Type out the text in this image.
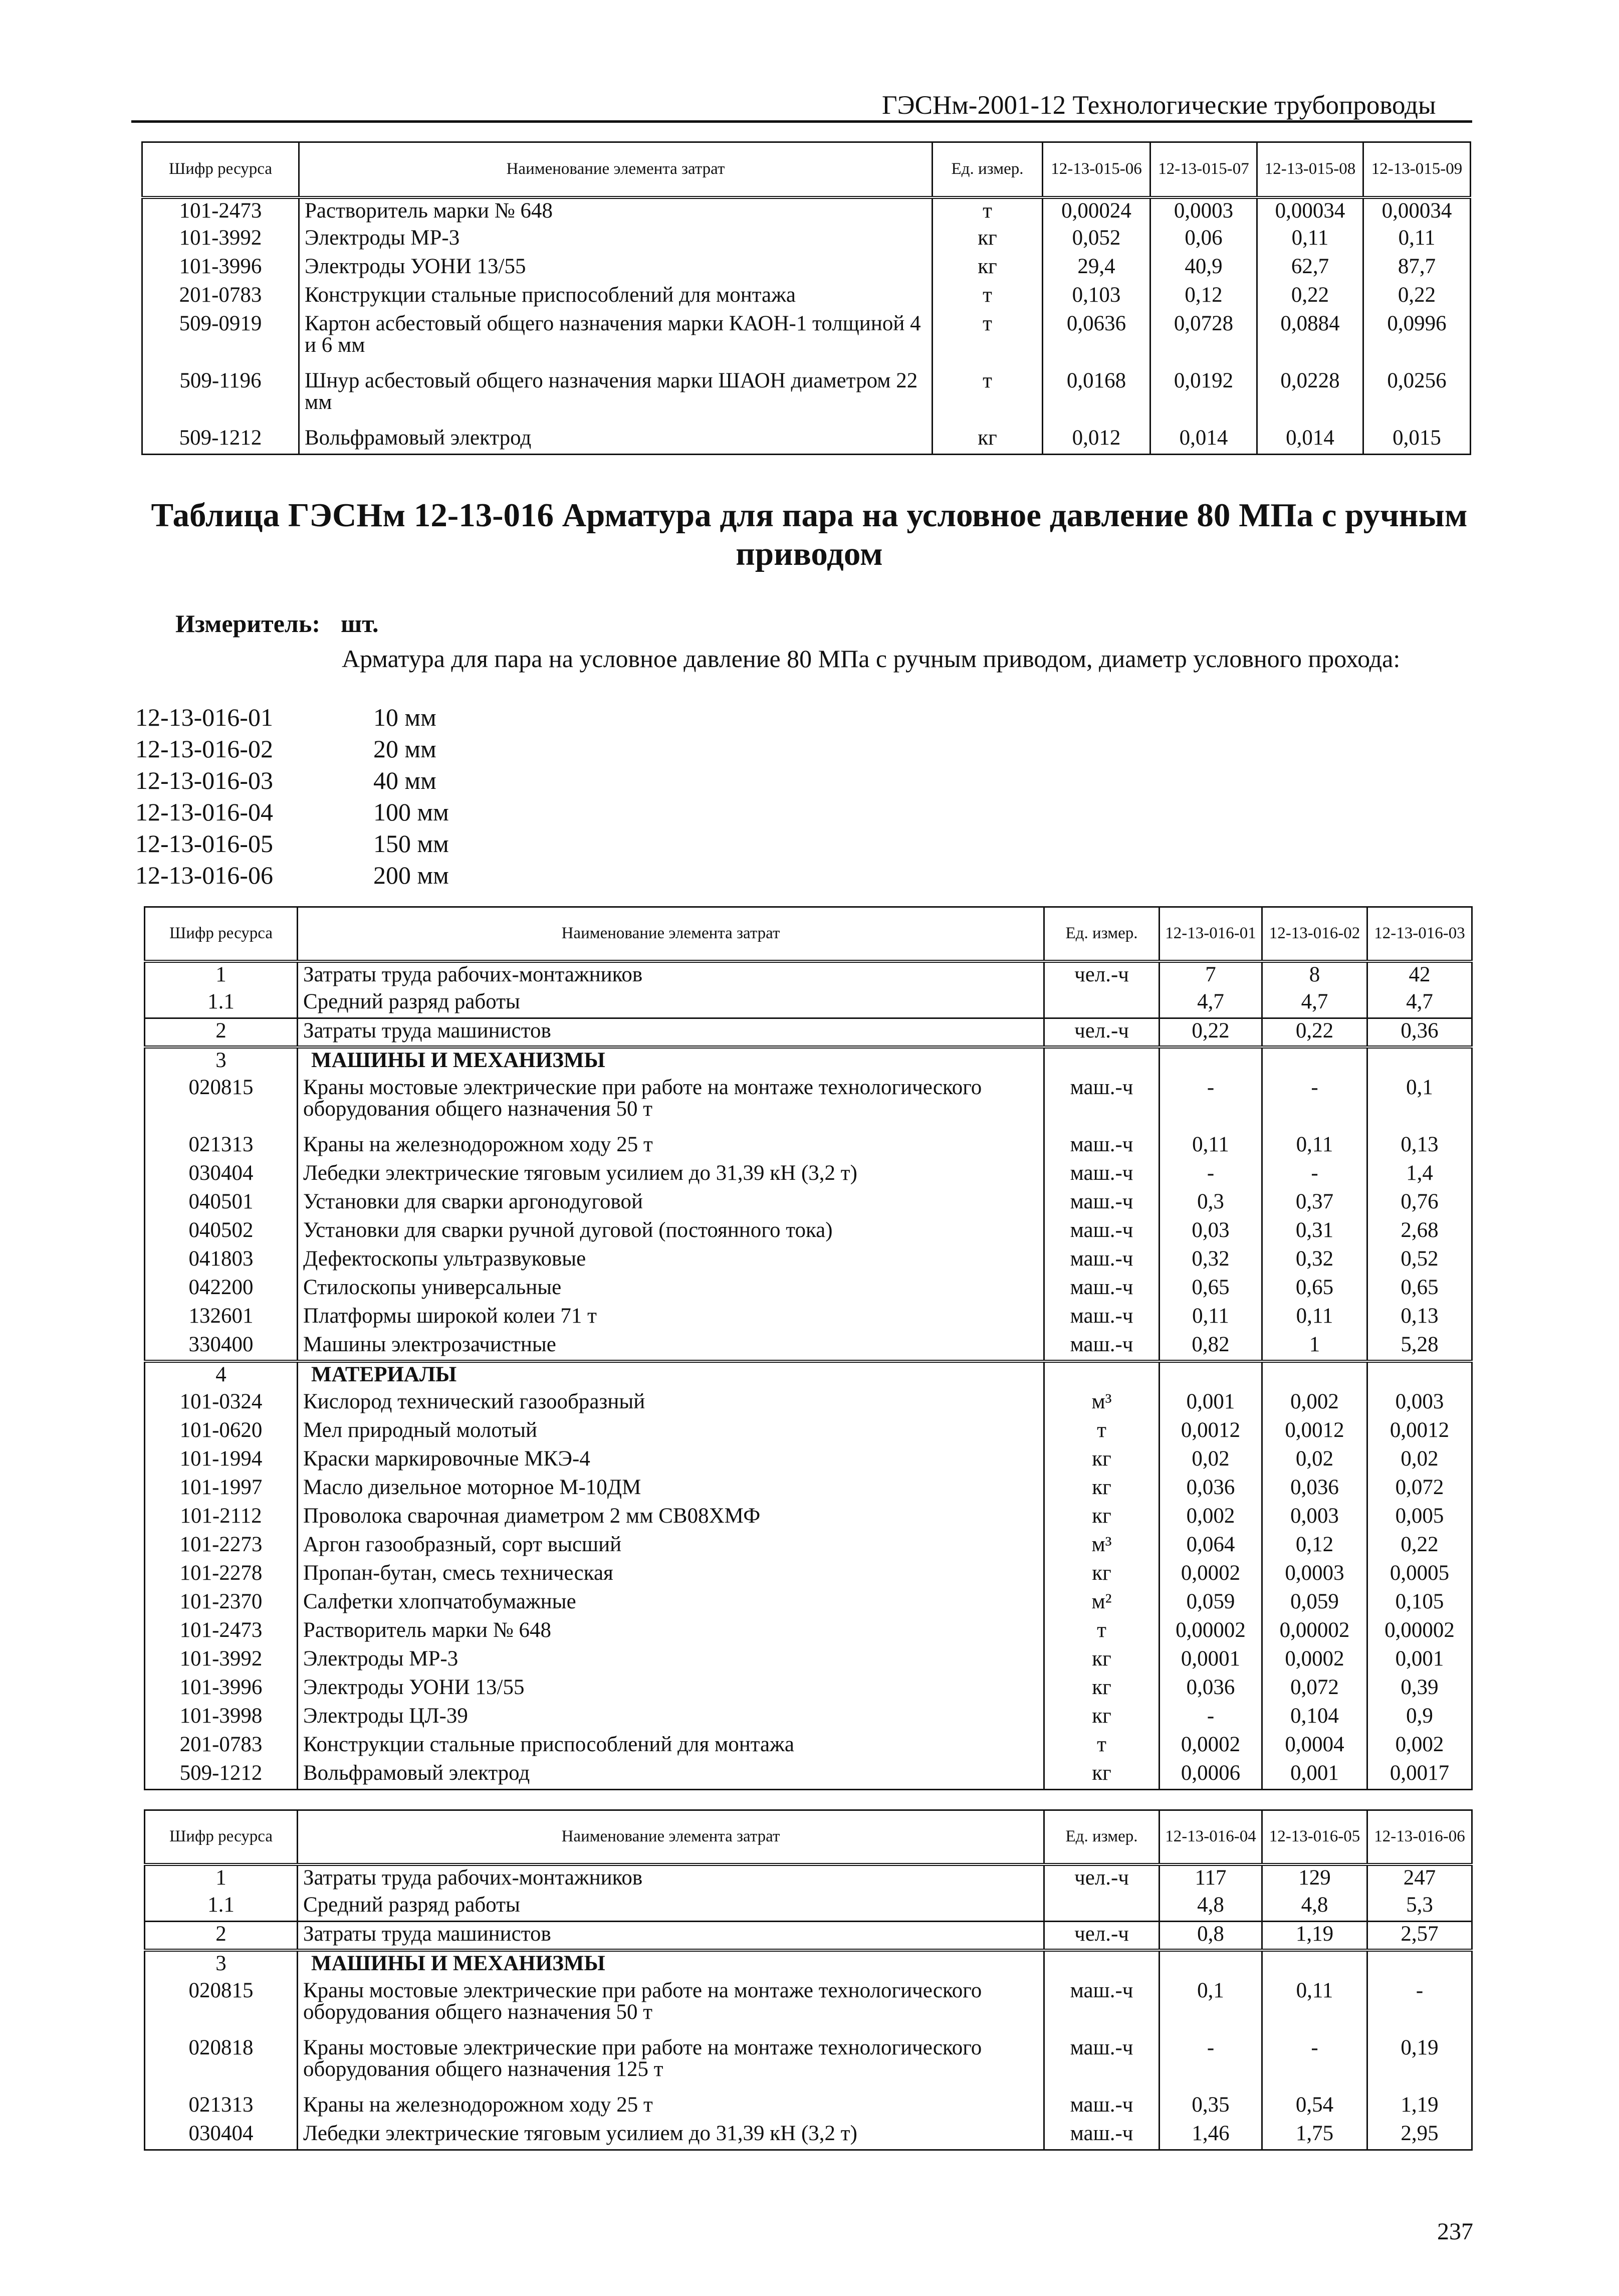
ГЭСНм-2001-12 Технологические трубопроводы
Шифр ресурса	Наименование элемента затрат	Ед. измер.	12-13-015-06	12-13-015-07	12-13-015-08	12-13-015-09
101-2473	Растворитель марки № 648	т	0,00024	0,0003	0,00034	0,00034
101-3992	Электроды МР-3	кг	0,052	0,06	0,11	0,11
101-3996	Электроды УОНИ 13/55	кг	29,4	40,9	62,7	87,7
201-0783	Конструкции стальные приспособлений для монтажа	т	0,103	0,12	0,22	0,22
509-0919	Картон асбестовый общего назначения марки КАОН-1 толщиной 4 и 6 мм	т	0,0636	0,0728	0,0884	0,0996
509-1196	Шнур асбестовый общего назначения марки ШАОН диаметром 22 мм	т	0,0168	0,0192	0,0228	0,0256
509-1212	Вольфрамовый электрод	кг	0,012	0,014	0,014	0,015
Таблица ГЭСНм 12-13-016 Арматура для пара на условное давление 80 МПа с ручным приводом
Измеритель: шт.
Арматура для пара на условное давление 80 МПа с ручным приводом, диаметр условного прохода:
12-13-016-01	10 мм
12-13-016-02	20 мм
12-13-016-03	40 мм
12-13-016-04	100 мм
12-13-016-05	150 мм
12-13-016-06	200 мм
Шифр ресурса	Наименование элемента затрат	Ед. измер.	12-13-016-01	12-13-016-02	12-13-016-03
1	Затраты труда рабочих-монтажников	чел.-ч	7	8	42
1.1	Средний разряд работы		4,7	4,7	4,7
2	Затраты труда машинистов	чел.-ч	0,22	0,22	0,36
3	МАШИНЫ И МЕХАНИЗМЫ				
020815	Краны мостовые электрические при работе на монтаже технологического оборудования общего назначения 50 т	маш.-ч	-	-	0,1
021313	Краны на железнодорожном ходу 25 т	маш.-ч	0,11	0,11	0,13
030404	Лебедки электрические тяговым усилием до 31,39 кН (3,2 т)	маш.-ч	-	-	1,4
040501	Установки для сварки аргонодуговой	маш.-ч	0,3	0,37	0,76
040502	Установки для сварки ручной дуговой (постоянного тока)	маш.-ч	0,03	0,31	2,68
041803	Дефектоскопы ультразвуковые	маш.-ч	0,32	0,32	0,52
042200	Стилоскопы универсальные	маш.-ч	0,65	0,65	0,65
132601	Платформы широкой колеи 71 т	маш.-ч	0,11	0,11	0,13
330400	Машины электрозачистные	маш.-ч	0,82	1	5,28
4	МАТЕРИАЛЫ				
101-0324	Кислород технический газообразный	м³	0,001	0,002	0,003
101-0620	Мел природный молотый	т	0,0012	0,0012	0,0012
101-1994	Краски маркировочные МКЭ-4	кг	0,02	0,02	0,02
101-1997	Масло дизельное моторное М-10ДМ	кг	0,036	0,036	0,072
101-2112	Проволока сварочная диаметром 2 мм СВ08ХМФ	кг	0,002	0,003	0,005
101-2273	Аргон газообразный, сорт высший	м³	0,064	0,12	0,22
101-2278	Пропан-бутан, смесь техническая	кг	0,0002	0,0003	0,0005
101-2370	Салфетки хлопчатобумажные	м²	0,059	0,059	0,105
101-2473	Растворитель марки № 648	т	0,00002	0,00002	0,00002
101-3992	Электроды МР-3	кг	0,0001	0,0002	0,001
101-3996	Электроды УОНИ 13/55	кг	0,036	0,072	0,39
101-3998	Электроды ЦЛ-39	кг	-	0,104	0,9
201-0783	Конструкции стальные приспособлений для монтажа	т	0,0002	0,0004	0,002
509-1212	Вольфрамовый электрод	кг	0,0006	0,001	0,0017
Шифр ресурса	Наименование элемента затрат	Ед. измер.	12-13-016-04	12-13-016-05	12-13-016-06
1	Затраты труда рабочих-монтажников	чел.-ч	117	129	247
1.1	Средний разряд работы		4,8	4,8	5,3
2	Затраты труда машинистов	чел.-ч	0,8	1,19	2,57
3	МАШИНЫ И МЕХАНИЗМЫ				
020815	Краны мостовые электрические при работе на монтаже технологического оборудования общего назначения 50 т	маш.-ч	0,1	0,11	-
020818	Краны мостовые электрические при работе на монтаже технологического оборудования общего назначения 125 т	маш.-ч	-	-	0,19
021313	Краны на железнодорожном ходу 25 т	маш.-ч	0,35	0,54	1,19
030404	Лебедки электрические тяговым усилием до 31,39 кН (3,2 т)	маш.-ч	1,46	1,75	2,95
237
